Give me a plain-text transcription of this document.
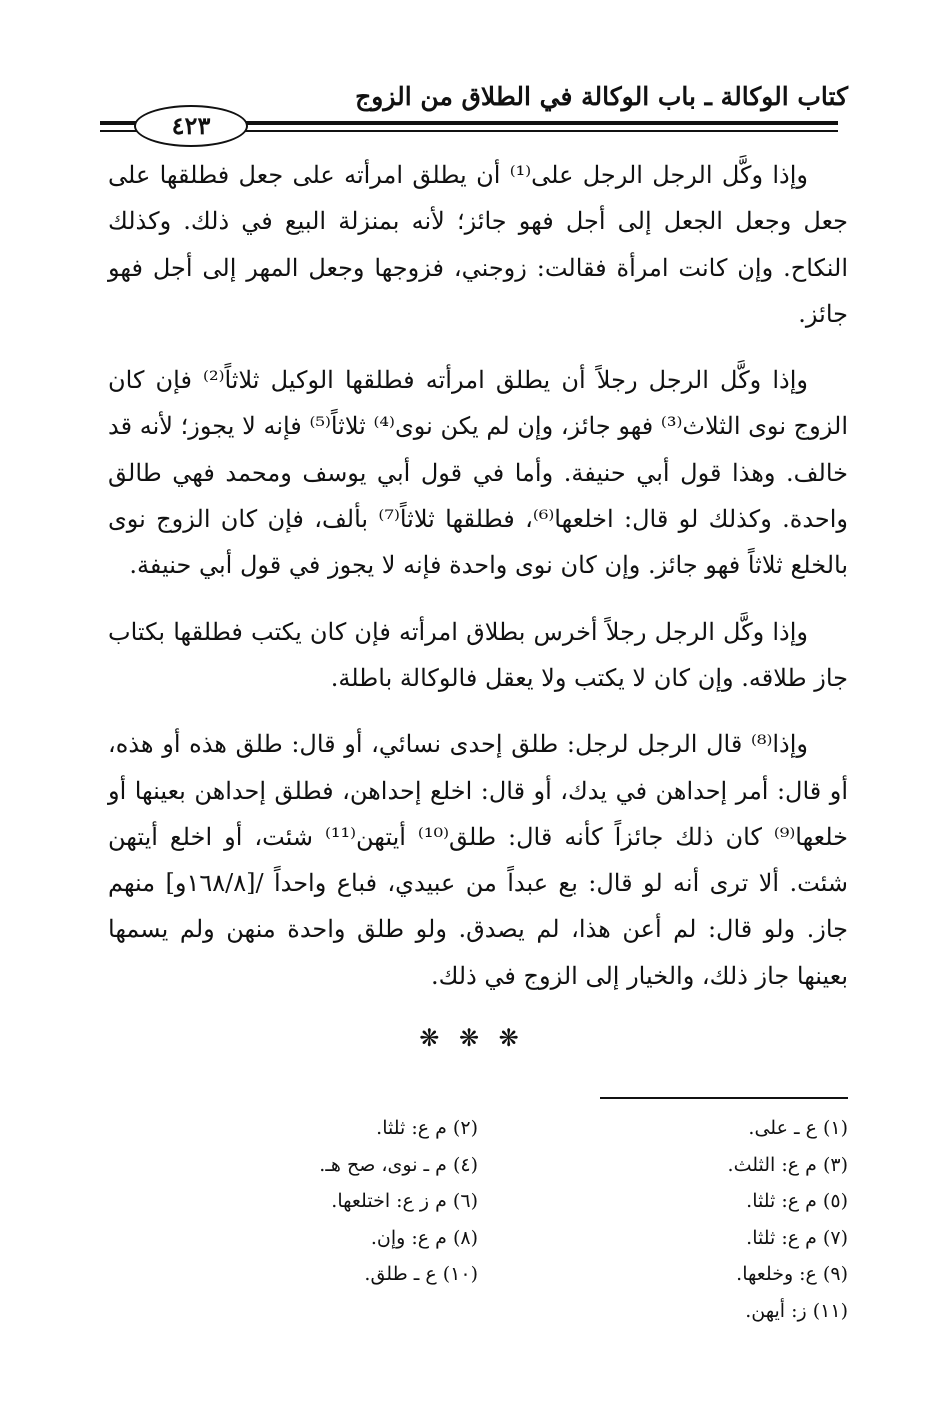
كتاب الوكالة ـ باب الوكالة في الطلاق من الزوج
٤٢٣

وإذا وكَّل الرجل الرجل على⁽¹⁾ أن يطلق امرأته على جعل فطلقها على جعل وجعل الجعل إلى أجل فهو جائز؛ لأنه بمنزلة البيع في ذلك. وكذلك النكاح. وإن كانت امرأة فقالت: زوجني، فزوجها وجعل المهر إلى أجل فهو جائز.

وإذا وكَّل الرجل رجلاً أن يطلق امرأته فطلقها الوكيل ثلاثاً⁽²⁾ فإن كان الزوج نوى الثلاث⁽³⁾ فهو جائز، وإن لم يكن نوى⁽⁴⁾ ثلاثاً⁽⁵⁾ فإنه لا يجوز؛ لأنه قد خالف. وهذا قول أبي حنيفة. وأما في قول أبي يوسف ومحمد فهي طالق واحدة. وكذلك لو قال: اخلعها⁽⁶⁾، فطلقها ثلاثاً⁽⁷⁾ بألف، فإن كان الزوج نوى بالخلع ثلاثاً فهو جائز. وإن كان نوى واحدة فإنه لا يجوز في قول أبي حنيفة.

وإذا وكَّل الرجل رجلاً أخرس بطلاق امرأته فإن كان يكتب فطلقها بكتاب جاز طلاقه. وإن كان لا يكتب ولا يعقل فالوكالة باطلة.

وإذا⁽⁸⁾ قال الرجل لرجل: طلق إحدى نسائي، أو قال: طلق هذه أو هذه، أو قال: أمر إحداهن في يدك، أو قال: اخلع إحداهن، فطلق إحداهن بعينها أو خلعها⁽⁹⁾ كان ذلك جائزاً كأنه قال: طلق⁽¹⁰⁾ أيتهن⁽¹¹⁾ شئت، أو اخلع أيتهن شئت. ألا ترى أنه لو قال: بع عبداً من عبيدي، فباع واحداً /[١٦٨/٨و] منهم جاز. ولو قال: لم أعن هذا، لم يصدق. ولو طلق واحدة منهن ولم يسمها بعينها جاز ذلك، والخيار إلى الزوج في ذلك.

❋ ❋ ❋
(١) ع ـ على.
(٢) م ع: ثلثا.
(٣) م ع: الثلث.
(٤) م ـ نوى، صح هـ.
(٥) م ع: ثلثا.
(٦) م ز ع: اختلعها.
(٧) م ع: ثلثا.
(٨) م ع: وإن.
(٩) ع: وخلعها.
(١٠) ع ـ طلق.
(١١) ز: أيهن.
